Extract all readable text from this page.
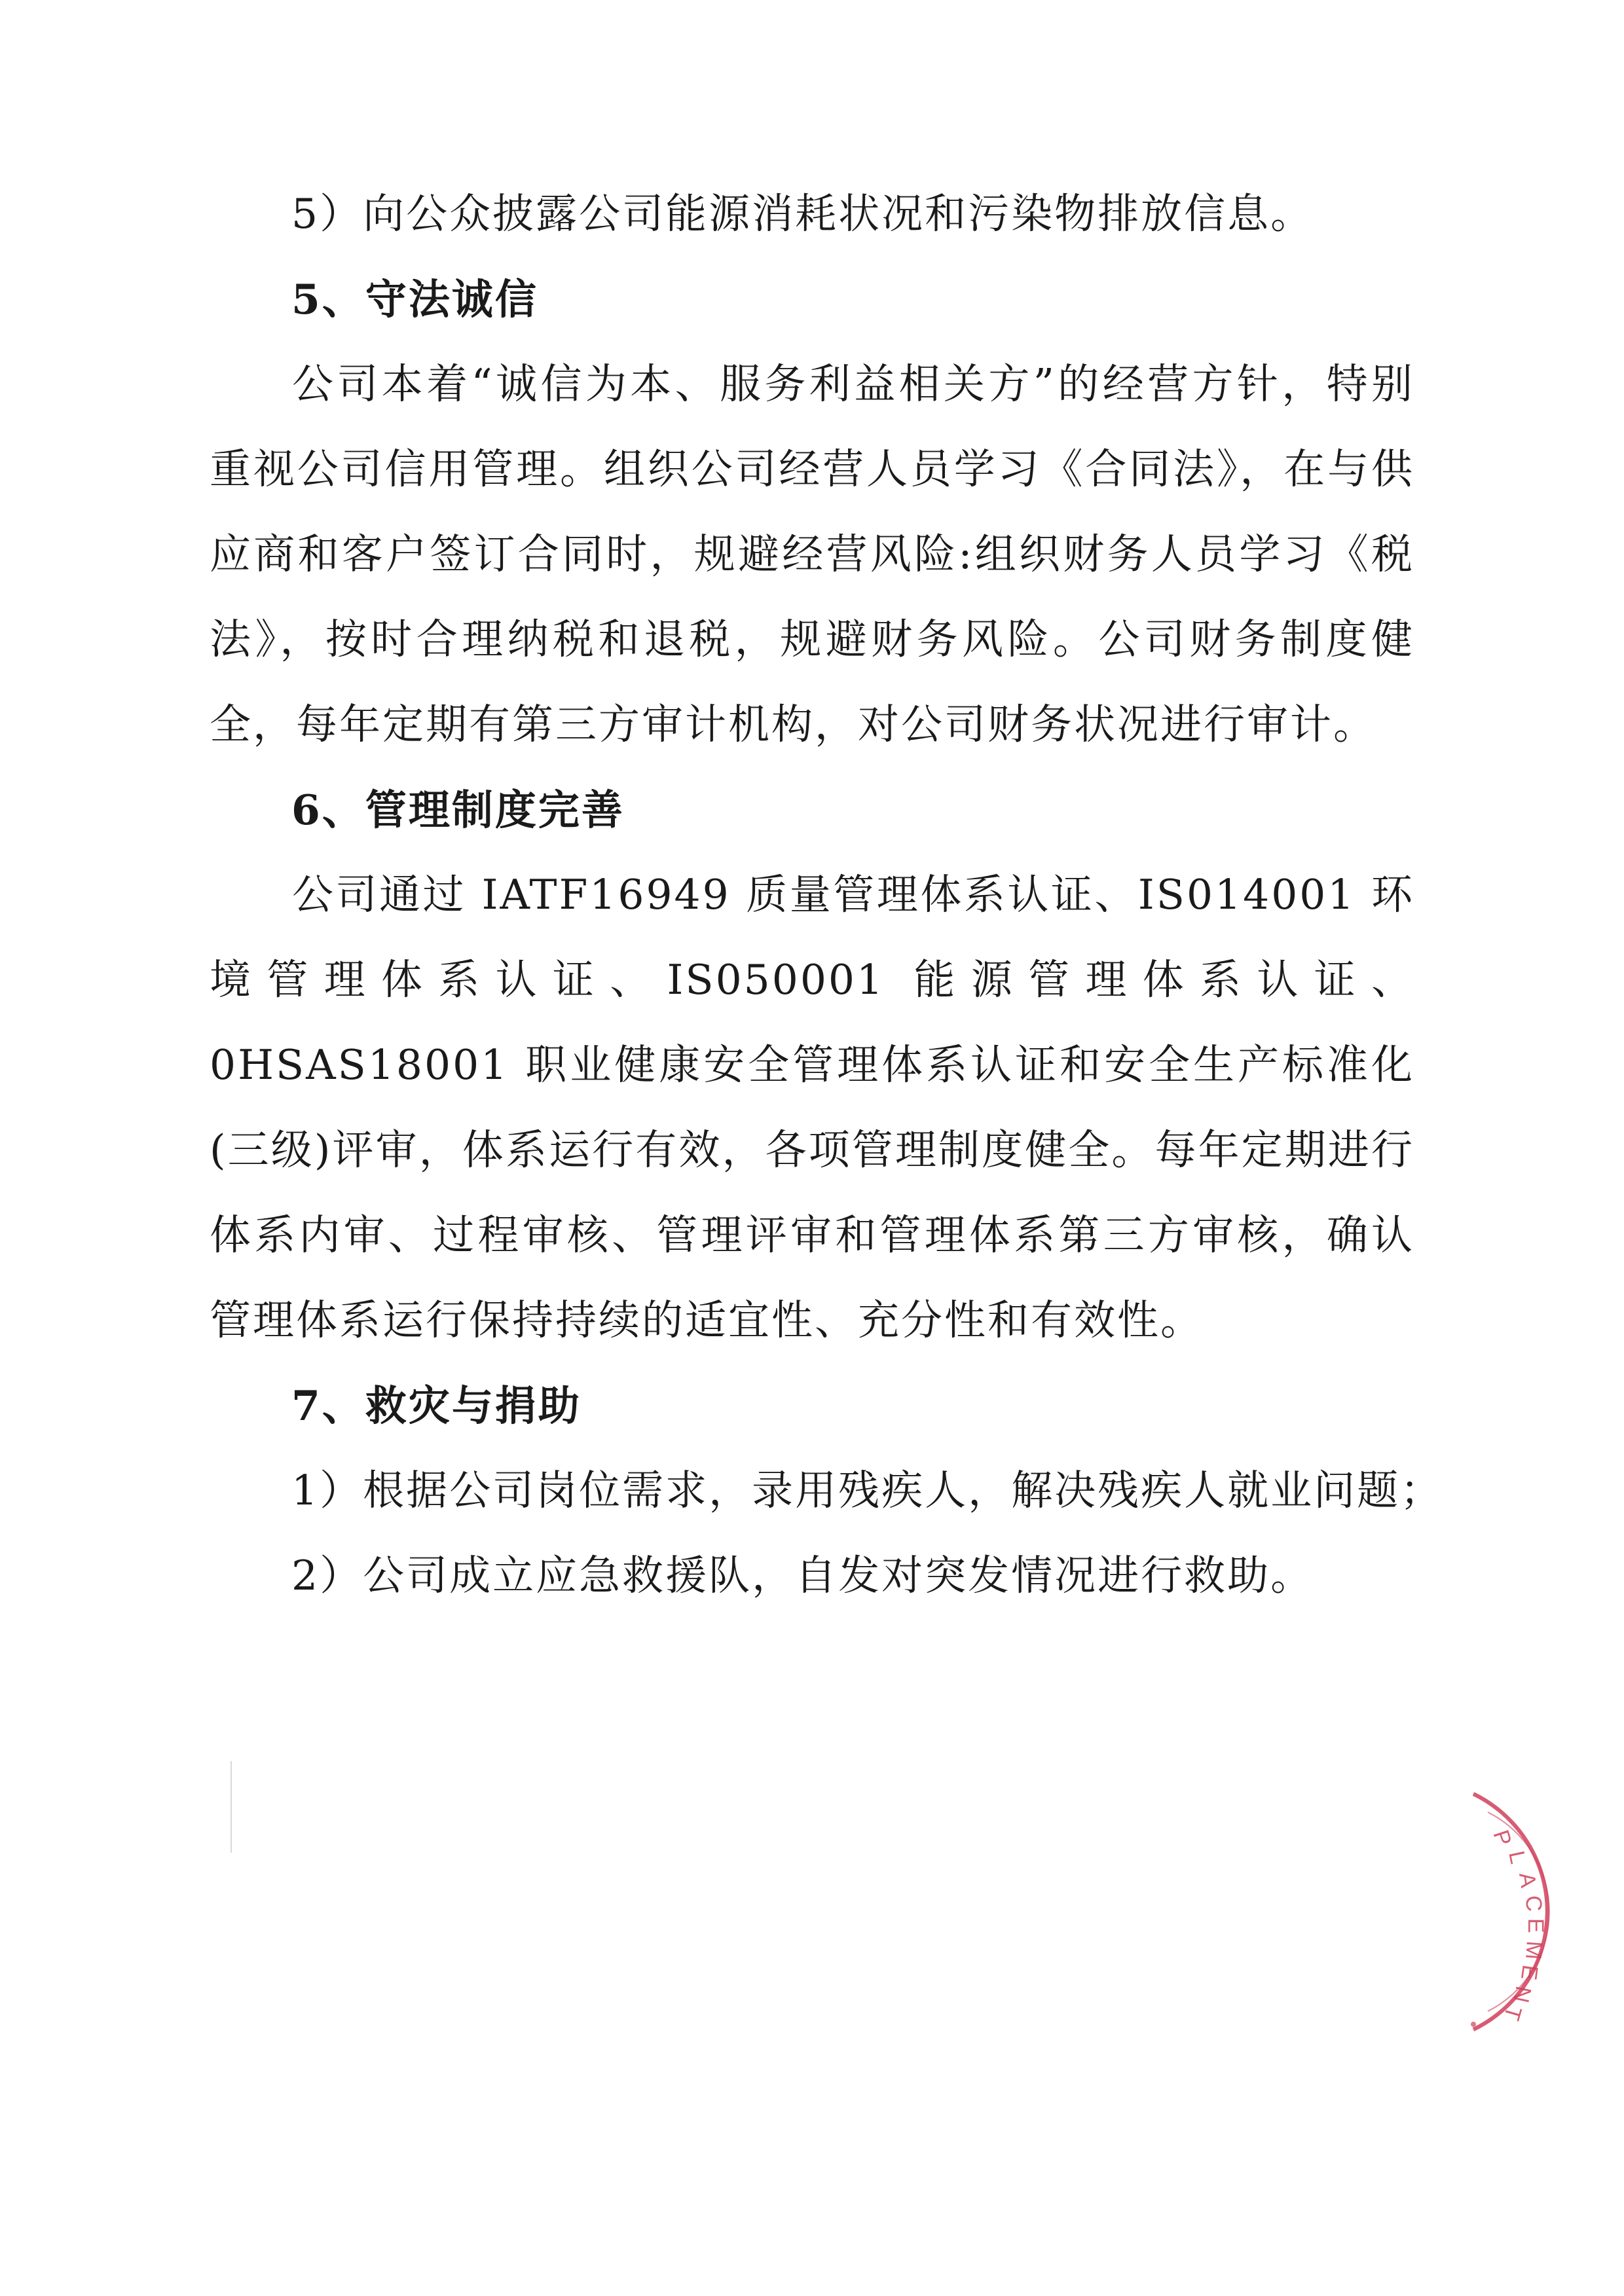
5）向公众披露公司能源消耗状况和污染物排放信息。

5、守法诚信

公司本着“诚信为本、服务利益相关方”的经营方针，特别重视公司信用管理。组织公司经营人员学习《合同法》，在与供应商和客户签订合同时，规避经营风险:组织财务人员学习《税法》，按时合理纳税和退税，规避财务风险。公司财务制度健全，每年定期有第三方审计机构，对公司财务状况进行审计。

6、管理制度完善

公司通过 IATF16949 质量管理体系认证、IS014001 环境管理体系认证、IS050001 能源管理体系认证、0HSAS18001 职业健康安全管理体系认证和安全生产标准化(三级)评审，体系运行有效，各项管理制度健全。每年定期进行体系内审、过程审核、管理评审和管理体系第三方审核，确认管理体系运行保持持续的适宜性、充分性和有效性。

7、救灾与捐助

1）根据公司岗位需求，录用残疾人，解决残疾人就业问题；

2）公司成立应急救援队，自发对突发情况进行救助。

P
L
A
C
E
M
E
N
T
